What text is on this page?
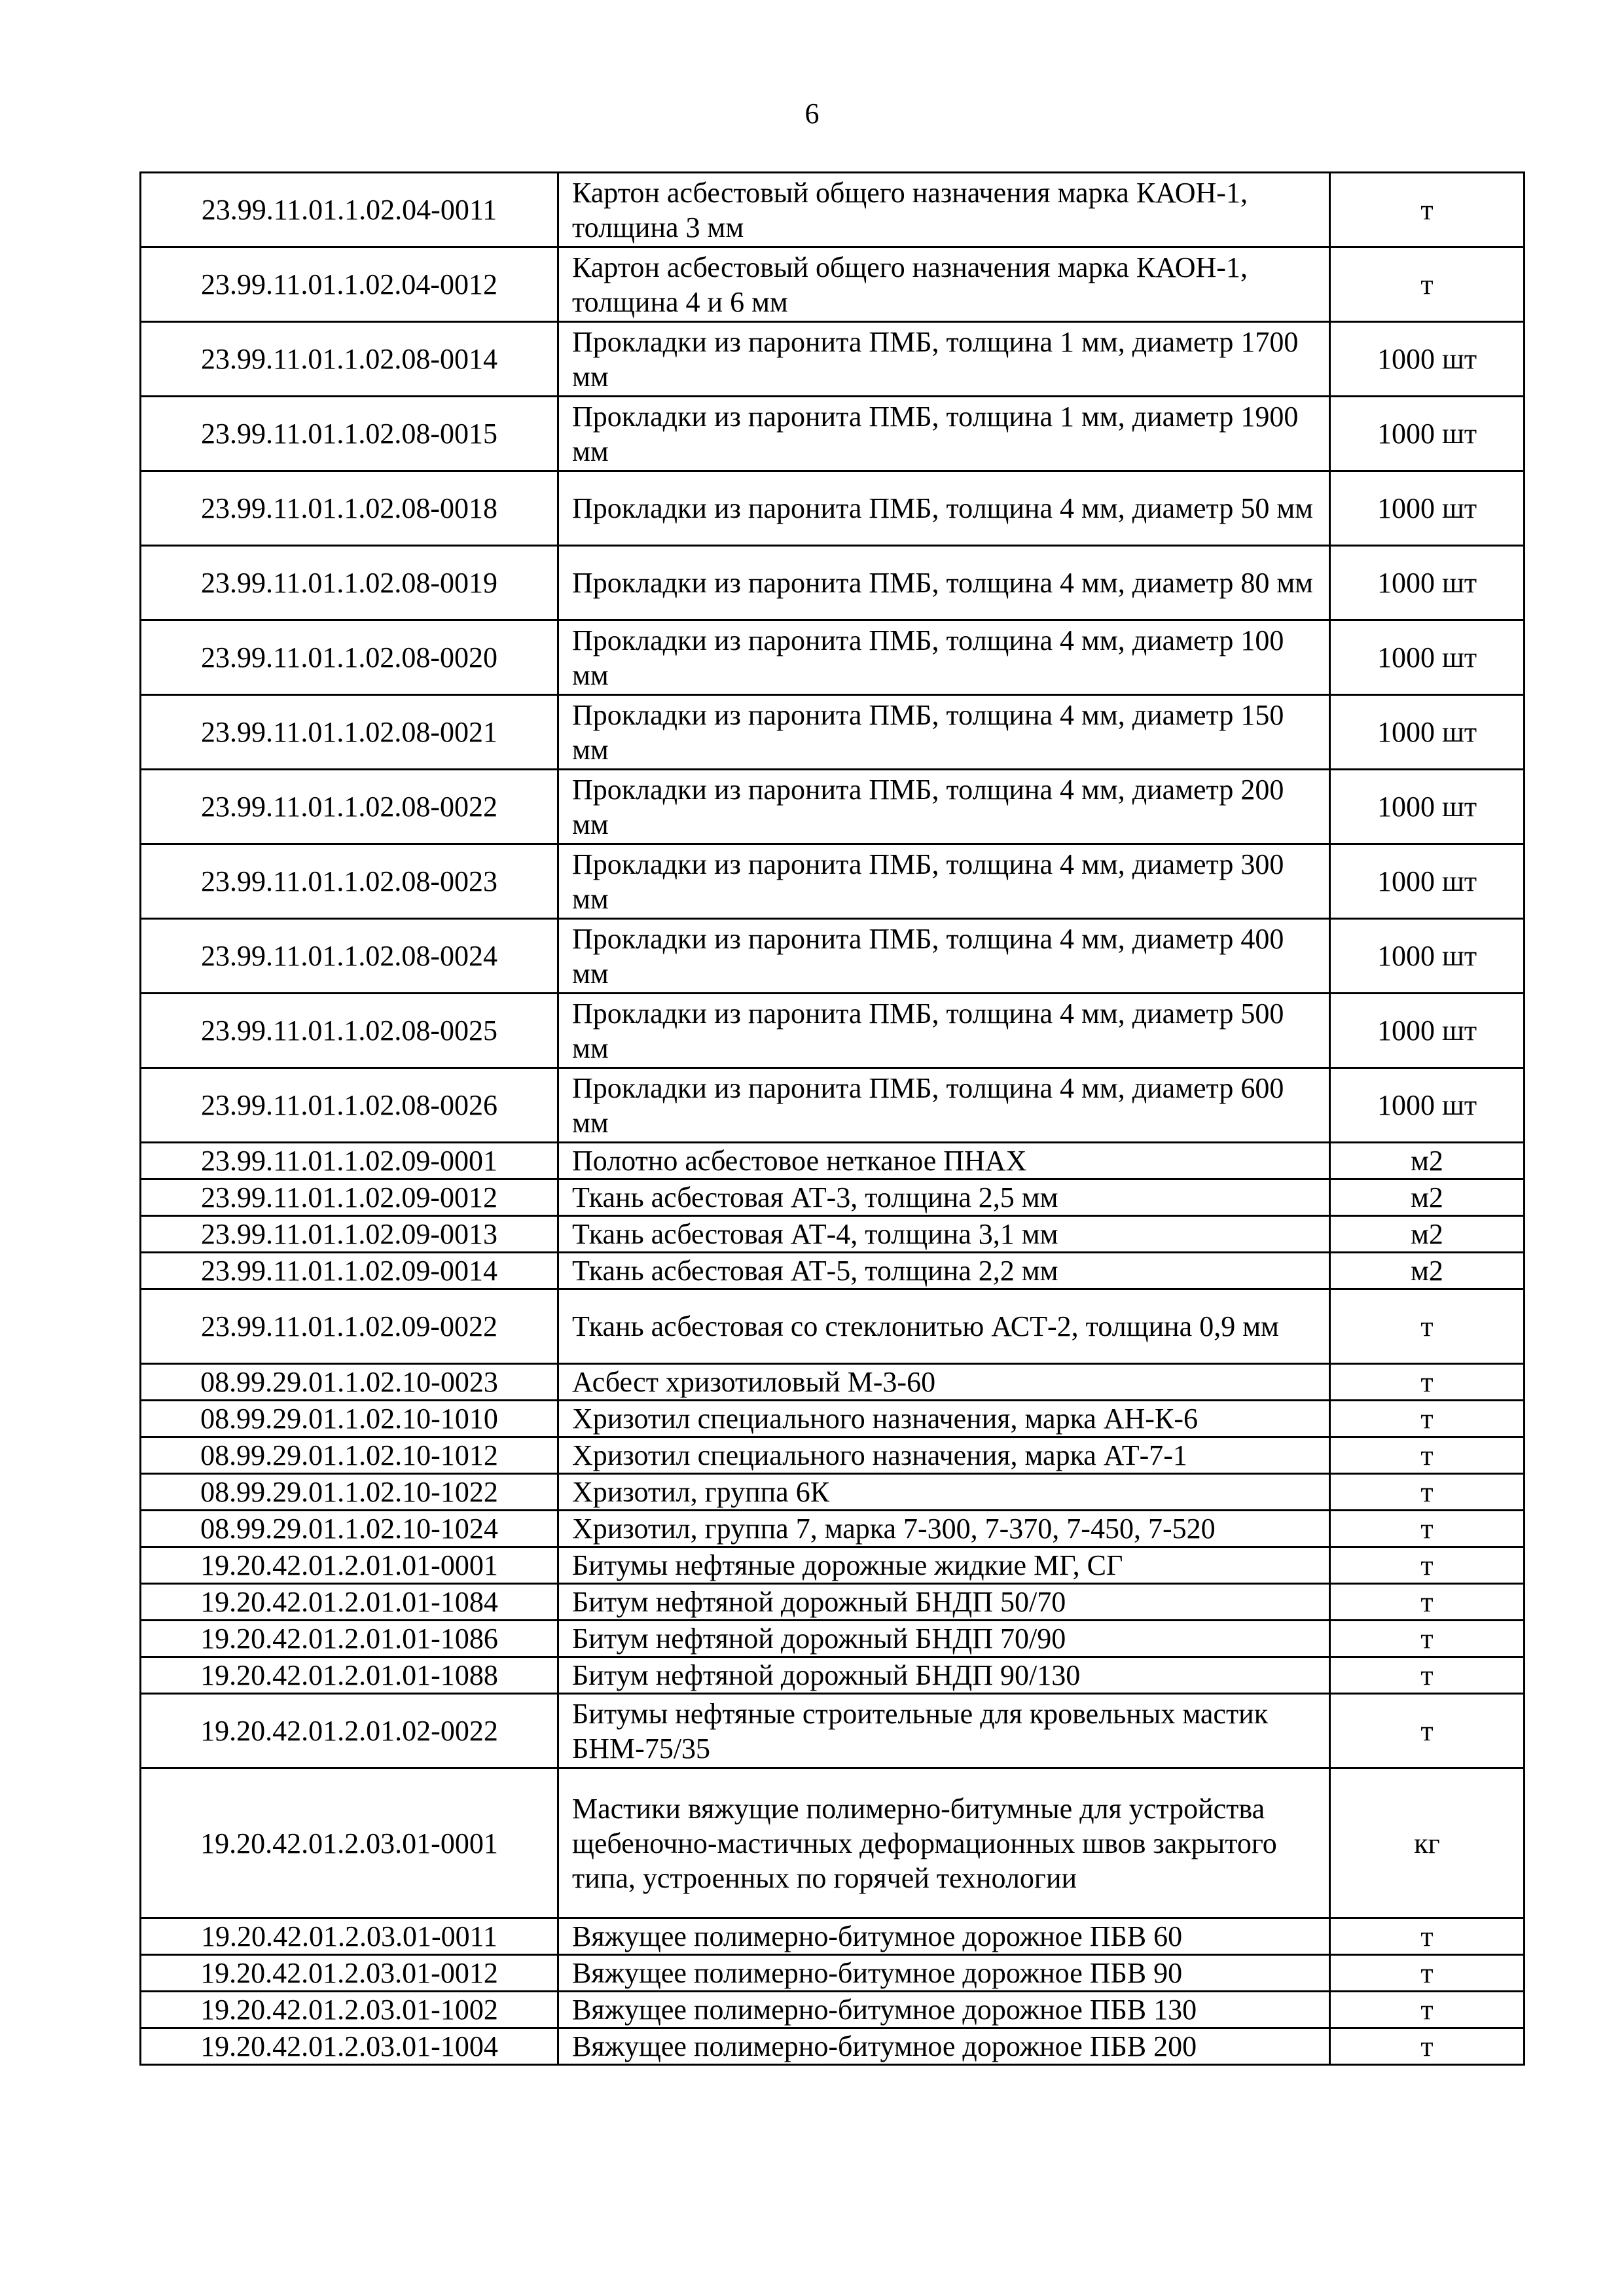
6
23.99.11.01.1.02.04-0011	Картон асбестовый общего назначения марка КАОН-1, толщина 3 мм	т
23.99.11.01.1.02.04-0012	Картон асбестовый общего назначения марка КАОН-1, толщина 4 и 6 мм	т
23.99.11.01.1.02.08-0014	Прокладки из паронита ПМБ, толщина 1 мм, диаметр 1700 мм	1000 шт
23.99.11.01.1.02.08-0015	Прокладки из паронита ПМБ, толщина 1 мм, диаметр 1900 мм	1000 шт
23.99.11.01.1.02.08-0018	Прокладки из паронита ПМБ, толщина 4 мм, диаметр 50 мм	1000 шт
23.99.11.01.1.02.08-0019	Прокладки из паронита ПМБ, толщина 4 мм, диаметр 80 мм	1000 шт
23.99.11.01.1.02.08-0020	Прокладки из паронита ПМБ, толщина 4 мм, диаметр 100 мм	1000 шт
23.99.11.01.1.02.08-0021	Прокладки из паронита ПМБ, толщина 4 мм, диаметр 150 мм	1000 шт
23.99.11.01.1.02.08-0022	Прокладки из паронита ПМБ, толщина 4 мм, диаметр 200 мм	1000 шт
23.99.11.01.1.02.08-0023	Прокладки из паронита ПМБ, толщина 4 мм, диаметр 300 мм	1000 шт
23.99.11.01.1.02.08-0024	Прокладки из паронита ПМБ, толщина 4 мм, диаметр 400 мм	1000 шт
23.99.11.01.1.02.08-0025	Прокладки из паронита ПМБ, толщина 4 мм, диаметр 500 мм	1000 шт
23.99.11.01.1.02.08-0026	Прокладки из паронита ПМБ, толщина 4 мм, диаметр 600 мм	1000 шт
23.99.11.01.1.02.09-0001	Полотно асбестовое нетканое ПНАХ	м2
23.99.11.01.1.02.09-0012	Ткань асбестовая АТ-3, толщина 2,5 мм	м2
23.99.11.01.1.02.09-0013	Ткань асбестовая АТ-4, толщина 3,1 мм	м2
23.99.11.01.1.02.09-0014	Ткань асбестовая АТ-5, толщина 2,2 мм	м2
23.99.11.01.1.02.09-0022	Ткань асбестовая со стеклонитью АСТ-2, толщина 0,9 мм	т
08.99.29.01.1.02.10-0023	Асбест хризотиловый М-3-60	т
08.99.29.01.1.02.10-1010	Хризотил специального назначения, марка АН-К-6	т
08.99.29.01.1.02.10-1012	Хризотил специального назначения, марка АТ-7-1	т
08.99.29.01.1.02.10-1022	Хризотил, группа 6К	т
08.99.29.01.1.02.10-1024	Хризотил, группа 7, марка 7-300, 7-370, 7-450, 7-520	т
19.20.42.01.2.01.01-0001	Битумы нефтяные дорожные жидкие МГ, СГ	т
19.20.42.01.2.01.01-1084	Битум нефтяной дорожный БНДП 50/70	т
19.20.42.01.2.01.01-1086	Битум нефтяной дорожный БНДП 70/90	т
19.20.42.01.2.01.01-1088	Битум нефтяной дорожный БНДП 90/130	т
19.20.42.01.2.01.02-0022	Битумы нефтяные строительные для кровельных мастик БНМ-75/35	т
19.20.42.01.2.03.01-0001	Мастики вяжущие полимерно-битумные для устройства щебеночно-мастичных деформационных швов закрытого типа, устроенных по горячей технологии	кг
19.20.42.01.2.03.01-0011	Вяжущее полимерно-битумное дорожное ПБВ 60	т
19.20.42.01.2.03.01-0012	Вяжущее полимерно-битумное дорожное ПБВ 90	т
19.20.42.01.2.03.01-1002	Вяжущее полимерно-битумное дорожное ПБВ 130	т
19.20.42.01.2.03.01-1004	Вяжущее полимерно-битумное дорожное ПБВ 200	т
